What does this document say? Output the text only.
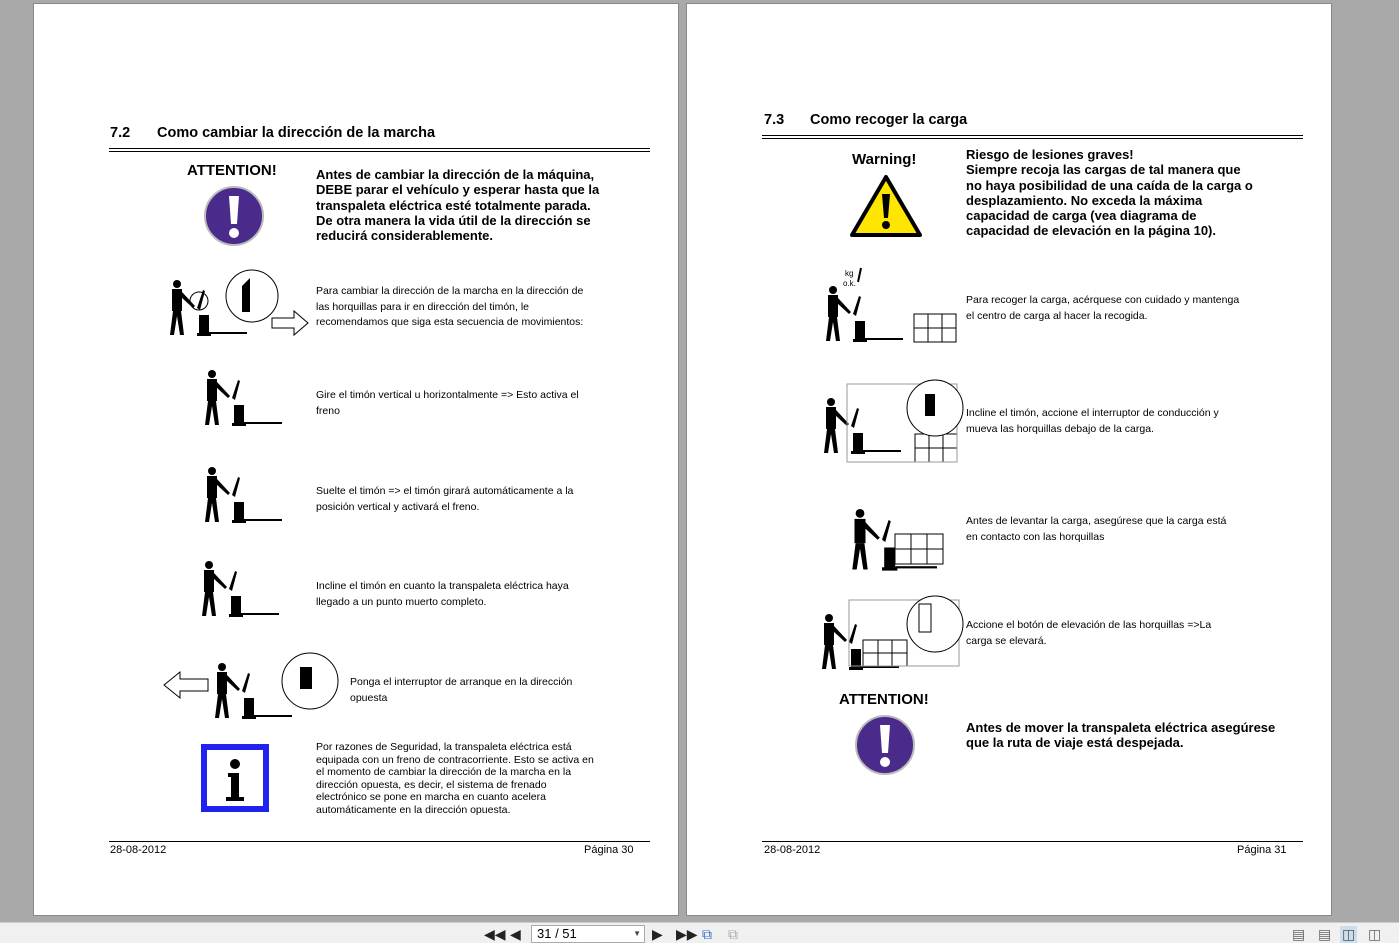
7.2 Como cambiar la dirección de la marcha
ATTENTION!	Antes de cambiar la dirección de la máquina,
DEBE parar el vehículo y esperar hasta que la
transpaleta eléctrica esté totalmente parada.
De otra manera la vida útil de la dirección se
reducirá considerablemente.
Para cambiar la dirección de la marcha en la dirección de
las horquillas para ir en dirección del timón, le
recomendamos que siga esta secuencia de movimientos:
Gire el timón vertical u horizontalmente => Esto activa el
freno
Suelte el timón => el timón girará automáticamente a la
posición vertical y activará el freno.
Incline el timón en cuanto la transpaleta eléctrica haya
llegado a un punto muerto completo.
Ponga el interruptor de arranque en la dirección
opuesta
Por razones de Seguridad, la transpaleta eléctrica está
equipada con un freno de contracorriente. Esto se activa en
el momento de cambiar la dirección de la marcha en la
dirección opuesta, es decir, el sistema de frenado
electrónico se pone en marcha en cuanto acelera
automáticamente en la dirección opuesta.
28-08-2012	Página 30
7.3 Como recoger la carga
Warning!	Riesgo de lesiones graves!
Siempre recoja las cargas de tal manera que
no haya posibilidad de una caída de la carga o
desplazamiento. No exceda la máxima
capacidad de carga (vea diagrama de
capacidad de elevación en la página 10).
kg
o.k.
Para recoger la carga, acérquese con cuidado y mantenga
el centro de carga al hacer la recogida.
Incline el timón, accione el interruptor de conducción y
mueva las horquillas debajo de la carga.
Antes de levantar la carga, asegúrese que la carga está
en contacto con las horquillas
Accione el botón de elevación de las horquillas =>La
carga se elevará.
ATTENTION!
Antes de mover la transpaleta eléctrica asegúrese
que la ruta de viaje está despejada.
28-08-2012	Página 31
◀◀ ◀	31 / 51	▼ ▶ ▶▶ ⧉ ⧉	▤ ▤ ◫ ◫
